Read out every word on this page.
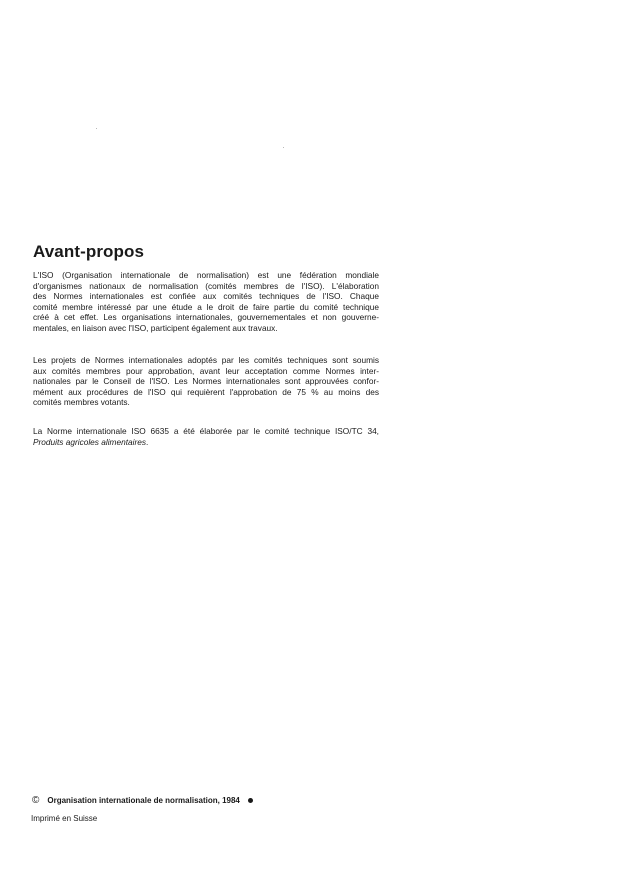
Avant-propos
L'ISO (Organisation internationale de normalisation) est une fédération mondiale
d'organismes nationaux de normalisation (comités membres de l'ISO). L'élaboration
des Normes internationales est confiée aux comités techniques de l'ISO. Chaque
comité membre intéressé par une étude a le droit de faire partie du comité technique
créé à cet effet. Les organisations internationales, gouvernementales et non gouverne-
mentales, en liaison avec l'ISO, participent également aux travaux.
Les projets de Normes internationales adoptés par les comités techniques sont soumis
aux comités membres pour approbation, avant leur acceptation comme Normes inter-
nationales par le Conseil de l'ISO. Les Normes internationales sont approuvées confor-
mément aux procédures de l'ISO qui requièrent l'approbation de 75 % au moins des
comités membres votants.
La Norme internationale ISO 6635 a été élaborée par le comité technique ISO/TC 34,
Produits agricoles alimentaires.

© Organisation internationale de normalisation, 1984

Imprimé en Suisse
